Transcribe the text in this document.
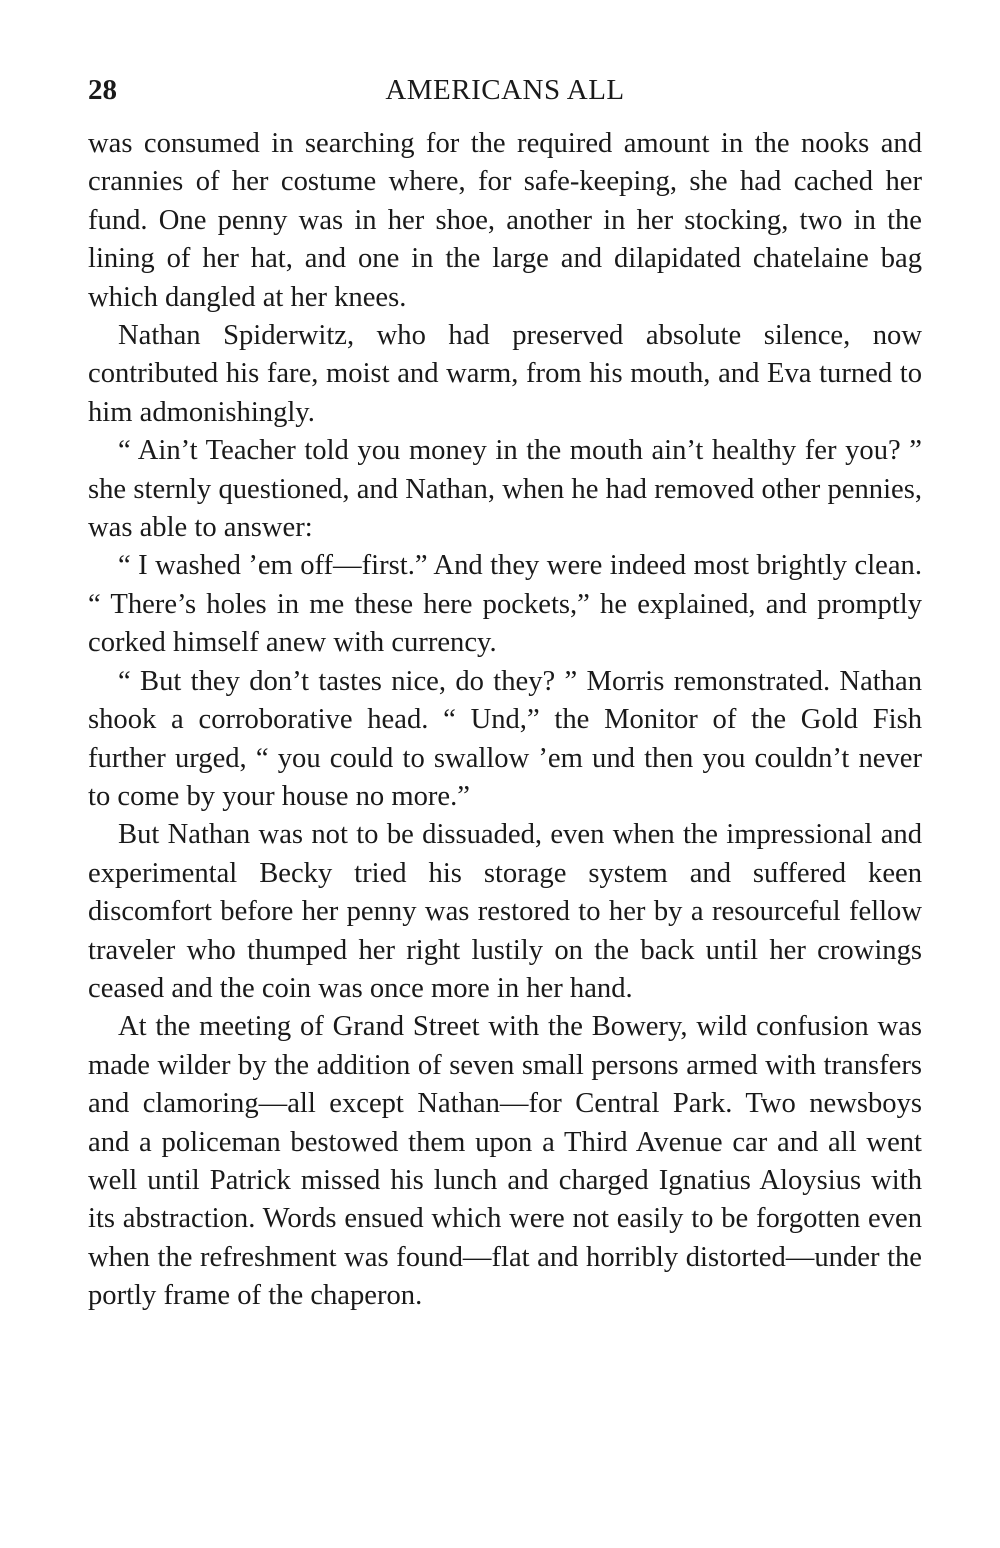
28	AMERICANS ALL

was consumed in searching for the required amount in the nooks and crannies of her costume where, for safe-keeping, she had cached her fund. One penny was in her shoe, another in her stocking, two in the lining of her hat, and one in the large and dilapidated chatelaine bag which dangled at her knees.

Nathan Spiderwitz, who had preserved absolute silence, now contributed his fare, moist and warm, from his mouth, and Eva turned to him admonishingly.

“ Ain’t Teacher told you money in the mouth ain’t healthy fer you? ” she sternly questioned, and Nathan, when he had removed other pennies, was able to answer:

“ I washed ’em off—first.” And they were indeed most brightly clean. “ There’s holes in me these here pockets,” he explained, and promptly corked himself anew with currency.

“ But they don’t tastes nice, do they? ” Morris remonstrated. Nathan shook a corroborative head. “ Und,” the Monitor of the Gold Fish further urged, “ you could to swallow ’em und then you couldn’t never to come by your house no more.”

But Nathan was not to be dissuaded, even when the impressional and experimental Becky tried his storage system and suffered keen discomfort before her penny was restored to her by a resourceful fellow traveler who thumped her right lustily on the back until her crowings ceased and the coin was once more in her hand.

At the meeting of Grand Street with the Bowery, wild confusion was made wilder by the addition of seven small persons armed with transfers and clamoring—all except Nathan—for Central Park. Two newsboys and a policeman bestowed them upon a Third Avenue car and all went well until Patrick missed his lunch and charged Ignatius Aloysius with its abstraction. Words ensued which were not easily to be forgotten even when the refreshment was found—flat and horribly distorted—under the portly frame of the chaperon.
